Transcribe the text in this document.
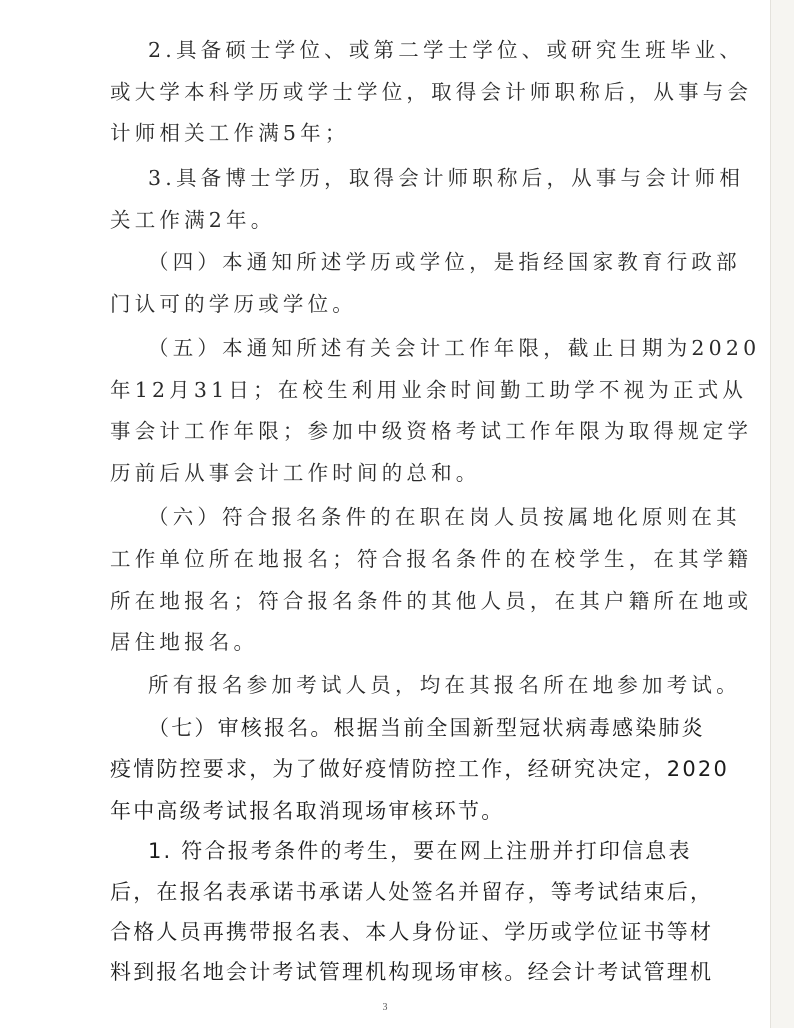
2.具备硕士学位、或第二学士学位、或研究生班毕业、
或大学本科学历或学士学位，取得会计师职称后，从事与会
计师相关工作满5年；
3.具备博士学历，取得会计师职称后，从事与会计师相
关工作满2年。
（四）本通知所述学历或学位，是指经国家教育行政部
门认可的学历或学位。
（五）本通知所述有关会计工作年限，截止日期为2020
年12月31日；在校生利用业余时间勤工助学不视为正式从
事会计工作年限；参加中级资格考试工作年限为取得规定学
历前后从事会计工作时间的总和。
（六）符合报名条件的在职在岗人员按属地化原则在其
工作单位所在地报名；符合报名条件的在校学生，在其学籍
所在地报名；符合报名条件的其他人员，在其户籍所在地或
居住地报名。
所有报名参加考试人员，均在其报名所在地参加考试。
（七）审核报名。根据当前全国新型冠状病毒感染肺炎
疫情防控要求，为了做好疫情防控工作，经研究决定，2020
年中高级考试报名取消现场审核环节。
1. 符合报考条件的考生，要在网上注册并打印信息表
后，在报名表承诺书承诺人处签名并留存，等考试结束后，
合格人员再携带报名表、本人身份证、学历或学位证书等材
料到报名地会计考试管理机构现场审核。经会计考试管理机
3
